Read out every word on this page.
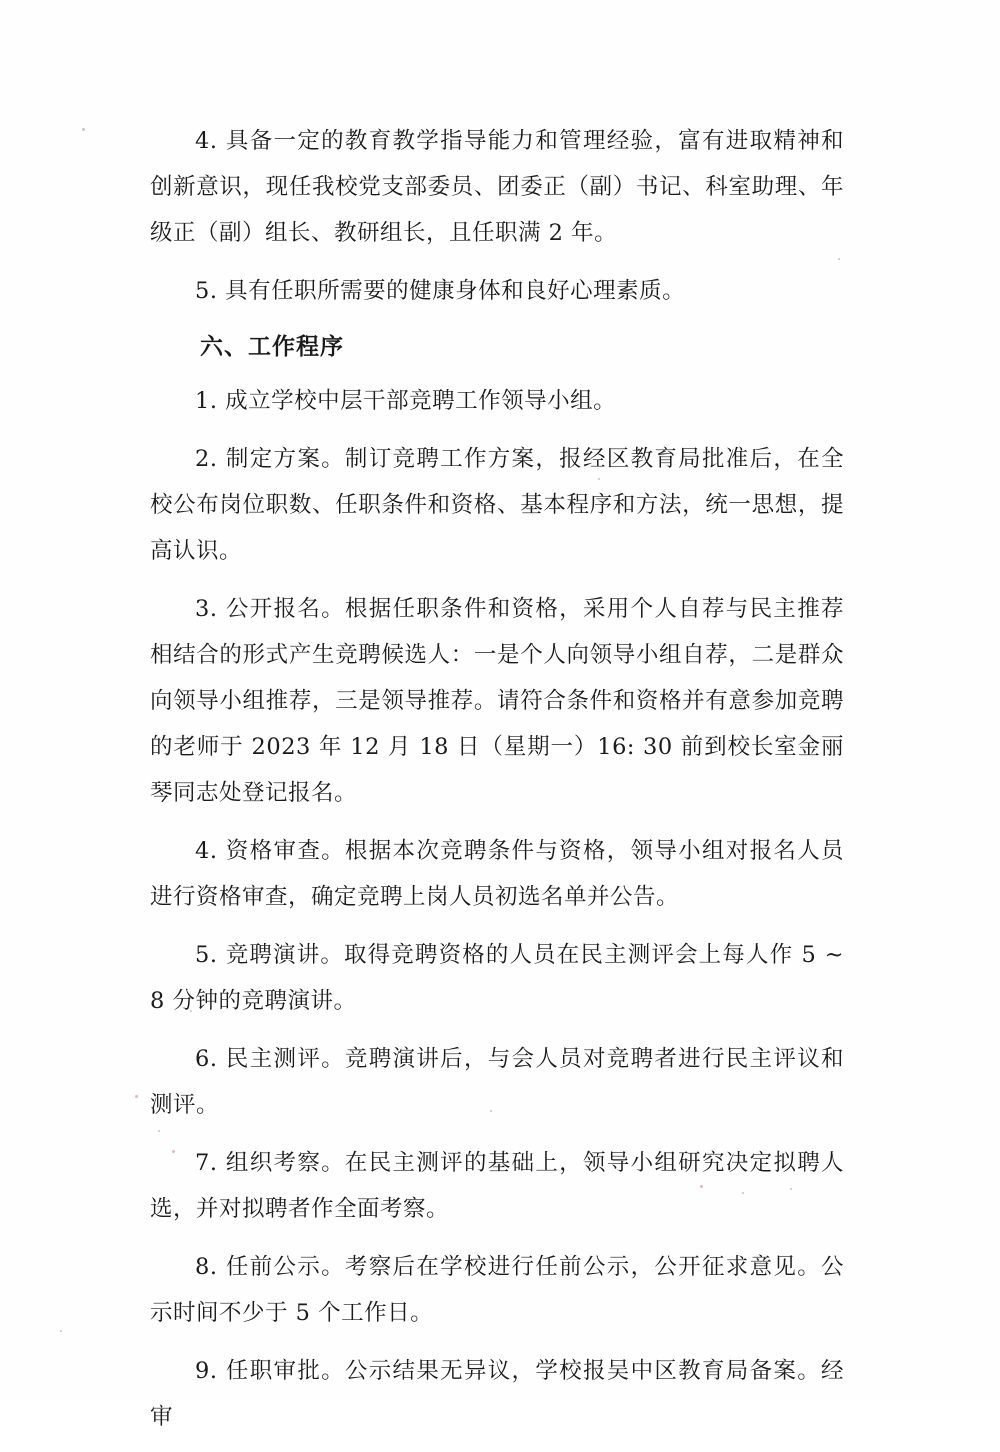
4. 具备一定的教育教学指导能力和管理经验，富有进取精神和创新意识，现任我校党支部委员、团委正（副）书记、科室助理、年级正（副）组长、教研组长，且任职满 2 年。

5. 具有任职所需要的健康身体和良好心理素质。

六、工作程序

1. 成立学校中层干部竞聘工作领导小组。

2. 制定方案。制订竞聘工作方案，报经区教育局批准后，在全校公布岗位职数、任职条件和资格、基本程序和方法，统一思想，提高认识。

3. 公开报名。根据任职条件和资格，采用个人自荐与民主推荐相结合的形式产生竞聘候选人：一是个人向领导小组自荐，二是群众向领导小组推荐，三是领导推荐。请符合条件和资格并有意参加竞聘的老师于 2023 年 12 月 18 日（星期一）16: 30 前到校长室金丽琴同志处登记报名。

4. 资格审查。根据本次竞聘条件与资格，领导小组对报名人员进行资格审查，确定竞聘上岗人员初选名单并公告。

5. 竞聘演讲。取得竞聘资格的人员在民主测评会上每人作 5 ~ 8 分钟的竞聘演讲。

6. 民主测评。竞聘演讲后，与会人员对竞聘者进行民主评议和测评。

7. 组织考察。在民主测评的基础上，领导小组研究决定拟聘人选，并对拟聘者作全面考察。

8. 任前公示。考察后在学校进行任前公示，公开征求意见。公示时间不少于 5 个工作日。

9. 任职审批。公示结果无异议，学校报吴中区教育局备案。经审
